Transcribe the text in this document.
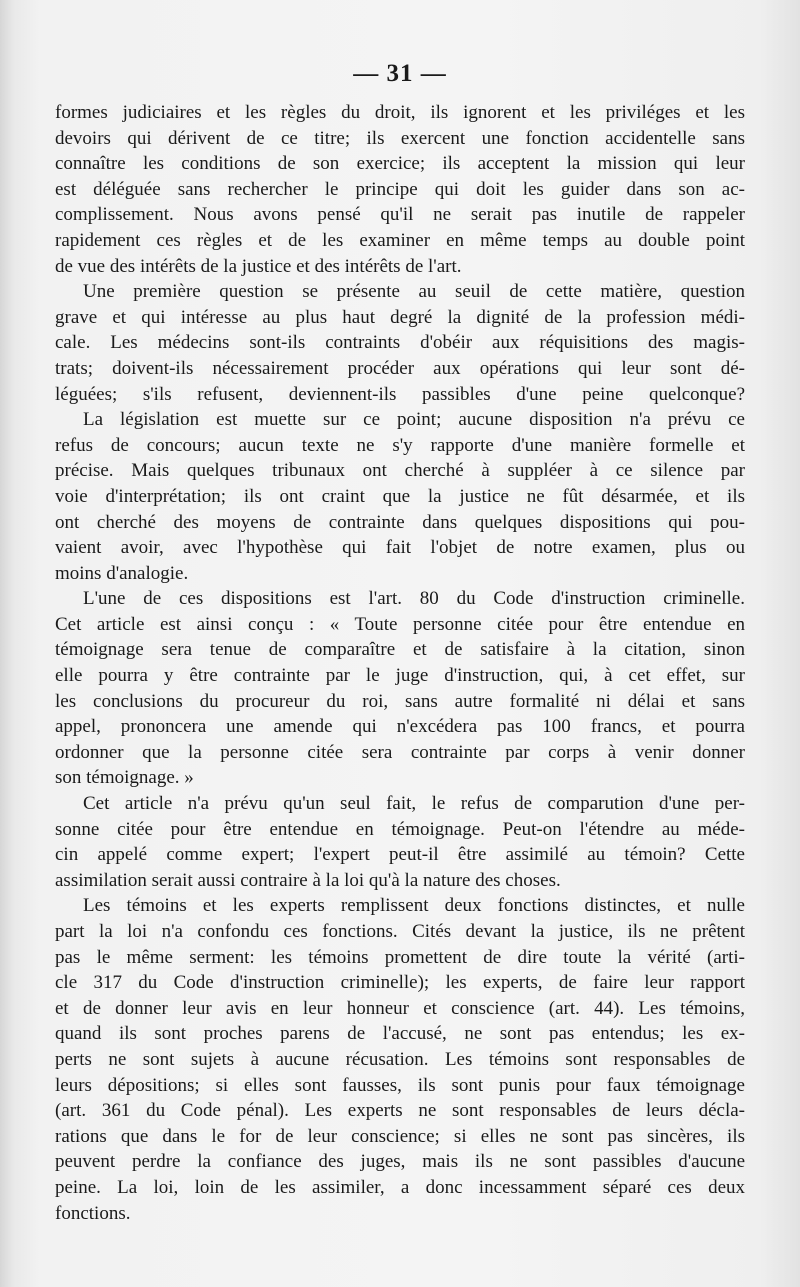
— 31 —
formes judiciaires et les règles du droit, ils ignorent et les priviléges et les
devoirs qui dérivent de ce titre; ils exercent une fonction accidentelle sans
connaître les conditions de son exercice; ils acceptent la mission qui leur
est déléguée sans rechercher le principe qui doit les guider dans son ac-
complissement. Nous avons pensé qu'il ne serait pas inutile de rappeler
rapidement ces règles et de les examiner en même temps au double point
de vue des intérêts de la justice et des intérêts de l'art.
Une première question se présente au seuil de cette matière, question
grave et qui intéresse au plus haut degré la dignité de la profession médi-
cale. Les médecins sont-ils contraints d'obéir aux réquisitions des magis-
trats; doivent-ils nécessairement procéder aux opérations qui leur sont dé-
léguées; s'ils refusent, deviennent-ils passibles d'une peine quelconque?
La législation est muette sur ce point; aucune disposition n'a prévu ce
refus de concours; aucun texte ne s'y rapporte d'une manière formelle et
précise. Mais quelques tribunaux ont cherché à suppléer à ce silence par
voie d'interprétation; ils ont craint que la justice ne fût désarmée, et ils
ont cherché des moyens de contrainte dans quelques dispositions qui pou-
vaient avoir, avec l'hypothèse qui fait l'objet de notre examen, plus ou
moins d'analogie.
L'une de ces dispositions est l'art. 80 du Code d'instruction criminelle.
Cet article est ainsi conçu : « Toute personne citée pour être entendue en
témoignage sera tenue de comparaître et de satisfaire à la citation, sinon
elle pourra y être contrainte par le juge d'instruction, qui, à cet effet, sur
les conclusions du procureur du roi, sans autre formalité ni délai et sans
appel, prononcera une amende qui n'excédera pas 100 francs, et pourra
ordonner que la personne citée sera contrainte par corps à venir donner
son témoignage. »
Cet article n'a prévu qu'un seul fait, le refus de comparution d'une per-
sonne citée pour être entendue en témoignage. Peut-on l'étendre au méde-
cin appelé comme expert; l'expert peut-il être assimilé au témoin? Cette
assimilation serait aussi contraire à la loi qu'à la nature des choses.
Les témoins et les experts remplissent deux fonctions distinctes, et nulle
part la loi n'a confondu ces fonctions. Cités devant la justice, ils ne prêtent
pas le même serment: les témoins promettent de dire toute la vérité (arti-
cle 317 du Code d'instruction criminelle); les experts, de faire leur rapport
et de donner leur avis en leur honneur et conscience (art. 44). Les témoins,
quand ils sont proches parens de l'accusé, ne sont pas entendus; les ex-
perts ne sont sujets à aucune récusation. Les témoins sont responsables de
leurs dépositions; si elles sont fausses, ils sont punis pour faux témoignage
(art. 361 du Code pénal). Les experts ne sont responsables de leurs décla-
rations que dans le for de leur conscience; si elles ne sont pas sincères, ils
peuvent perdre la confiance des juges, mais ils ne sont passibles d'aucune
peine. La loi, loin de les assimiler, a donc incessamment séparé ces deux
fonctions.
